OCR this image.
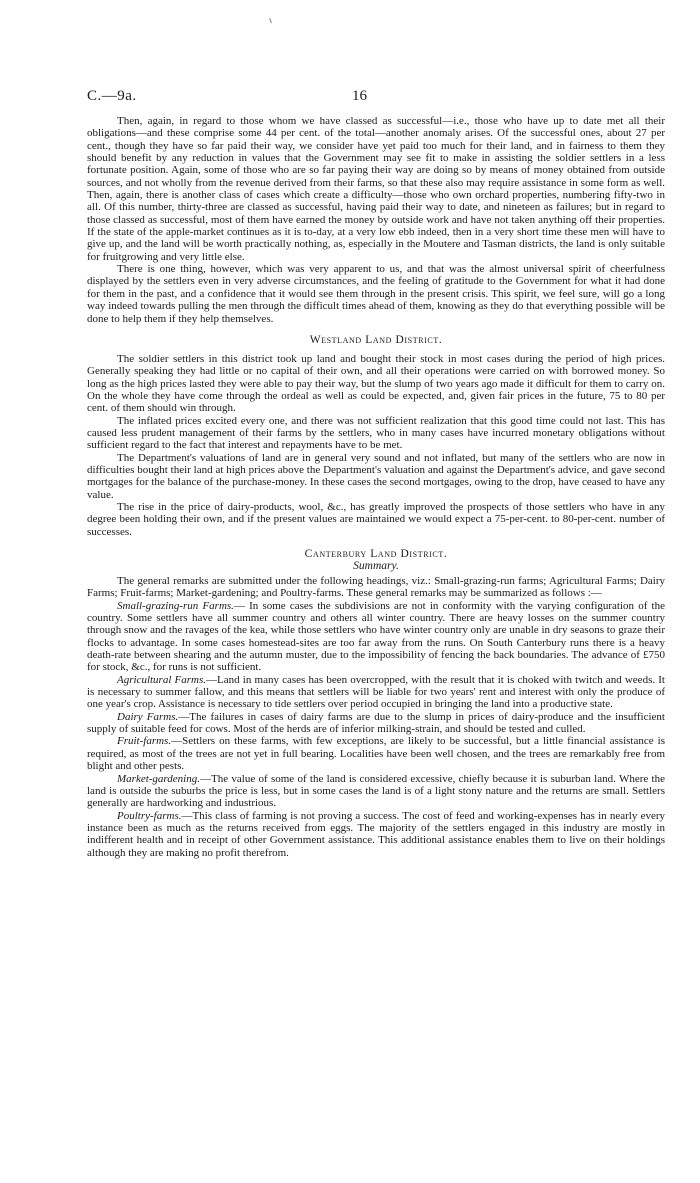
C.—9a.	16

Then, again, in regard to those whom we have classed as successful—i.e., those who have up to date met all their obligations—and these comprise some 44 per cent. of the total—another anomaly arises. Of the successful ones, about 27 per cent., though they have so far paid their way, we consider have yet paid too much for their land, and in fairness to them they should benefit by any reduction in values that the Government may see fit to make in assisting the soldier settlers in a less fortunate position. Again, some of those who are so far paying their way are doing so by means of money obtained from outside sources, and not wholly from the revenue derived from their farms, so that these also may require assistance in some form as well. Then, again, there is another class of cases which create a difficulty—those who own orchard properties, numbering fifty-two in all. Of this number, thirty-three are classed as successful, having paid their way to date, and nineteen as failures; but in regard to those classed as successful, most of them have earned the money by outside work and have not taken anything off their properties. If the state of the apple-market continues as it is to-day, at a very low ebb indeed, then in a very short time these men will have to give up, and the land will be worth practically nothing, as, especially in the Moutere and Tasman districts, the land is only suitable for fruitgrowing and very little else.

There is one thing, however, which was very apparent to us, and that was the almost universal spirit of cheerfulness displayed by the settlers even in very adverse circumstances, and the feeling of gratitude to the Government for what it had done for them in the past, and a confidence that it would see them through in the present crisis. This spirit, we feel sure, will go a long way indeed towards pulling the men through the difficult times ahead of them, knowing as they do that everything possible will be done to help them if they help themselves.

Westland Land District.

The soldier settlers in this district took up land and bought their stock in most cases during the period of high prices. Generally speaking they had little or no capital of their own, and all their operations were carried on with borrowed money. So long as the high prices lasted they were able to pay their way, but the slump of two years ago made it difficult for them to carry on. On the whole they have come through the ordeal as well as could be expected, and, given fair prices in the future, 75 to 80 per cent. of them should win through.

The inflated prices excited every one, and there was not sufficient realization that this good time could not last. This has caused less prudent management of their farms by the settlers, who in many cases have incurred monetary obligations without sufficient regard to the fact that interest and repayments have to be met.

The Department's valuations of land are in general very sound and not inflated, but many of the settlers who are now in difficulties bought their land at high prices above the Department's valuation and against the Department's advice, and gave second mortgages for the balance of the purchase-money. In these cases the second mortgages, owing to the drop, have ceased to have any value.

The rise in the price of dairy-products, wool, &c., has greatly improved the prospects of those settlers who have in any degree been holding their own, and if the present values are maintained we would expect a 75-per-cent. to 80-per-cent. number of successes.

Canterbury Land District.
Summary.

The general remarks are submitted under the following headings, viz.: Small-grazing-run farms; Agricultural Farms; Dairy Farms; Fruit-farms; Market-gardening; and Poultry-farms. These general remarks may be summarized as follows :—

Small-grazing-run Farms.— In some cases the subdivisions are not in conformity with the varying configuration of the country. Some settlers have all summer country and others all winter country. There are heavy losses on the summer country through snow and the ravages of the kea, while those settlers who have winter country only are unable in dry seasons to graze their flocks to advantage. In some cases homestead-sites are too far away from the runs. On South Canterbury runs there is a heavy death-rate between shearing and the autumn muster, due to the impossibility of fencing the back boundaries. The advance of £750 for stock, &c., for runs is not sufficient.

Agricultural Farms.—Land in many cases has been overcropped, with the result that it is choked with twitch and weeds. It is necessary to summer fallow, and this means that settlers will be liable for two years' rent and interest with only the produce of one year's crop. Assistance is necessary to tide settlers over period occupied in bringing the land into a productive state.

Dairy Farms.—The failures in cases of dairy farms are due to the slump in prices of dairy-produce and the insufficient supply of suitable feed for cows. Most of the herds are of inferior milking-strain, and should be tested and culled.

Fruit-farms.—Settlers on these farms, with few exceptions, are likely to be successful, but a little financial assistance is required, as most of the trees are not yet in full bearing. Localities have been well chosen, and the trees are remarkably free from blight and other pests.

Market-gardening.—The value of some of the land is considered excessive, chiefly because it is suburban land. Where the land is outside the suburbs the price is less, but in some cases the land is of a light stony nature and the returns are small. Settlers generally are hardworking and industrious.

Poultry-farms.—This class of farming is not proving a success. The cost of feed and working-expenses has in nearly every instance been as much as the returns received from eggs. The majority of the settlers engaged in this industry are mostly in indifferent health and in receipt of other Government assistance. This additional assistance enables them to live on their holdings although they are making no profit therefrom.
